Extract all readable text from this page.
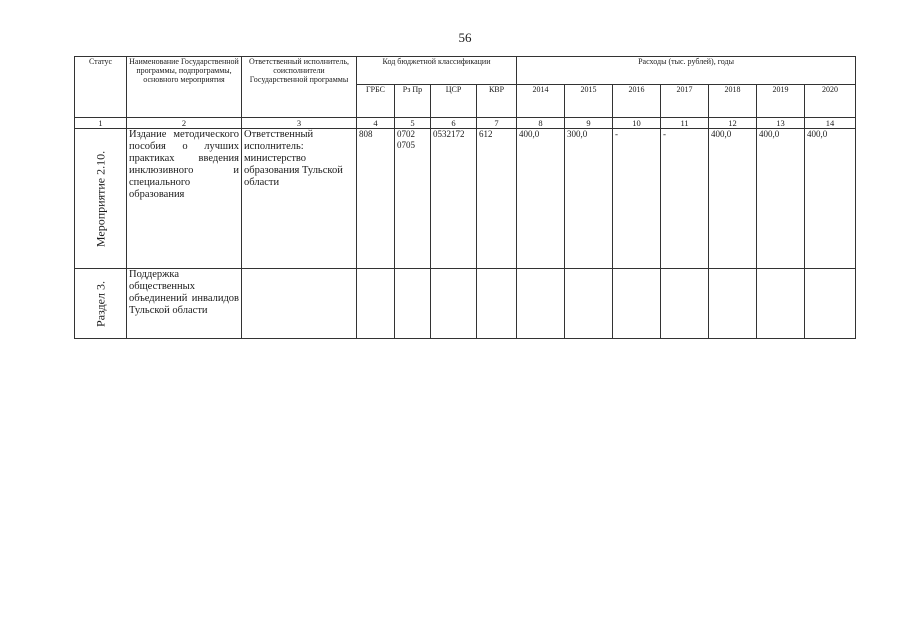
56
Статус	Наименование Государственной программы, подпрограммы, основного мероприятия	Ответственный исполнитель, соисполнители Государственной программы	Код бюджетной классификации				Расходы (тыс. рублей), годы						
			ГРБС	Рз Пр	ЦСР	КВР	2014	2015	2016	2017	2018	2019	2020
1	2	3	4	5	6	7	8	9	10	11	12	13	14

Мероприятие 2.10.	Издание методического пособия о лучших практиках введения инклюзивного и специального образования	Ответственный исполнитель: министерство образования Тульской области	808	0702 0705	0532172	612	400,0	300,0	-	-	400,0	400,0	400,0

Раздел 3.	Поддержка общественных объединений инвалидов Тульской области												
